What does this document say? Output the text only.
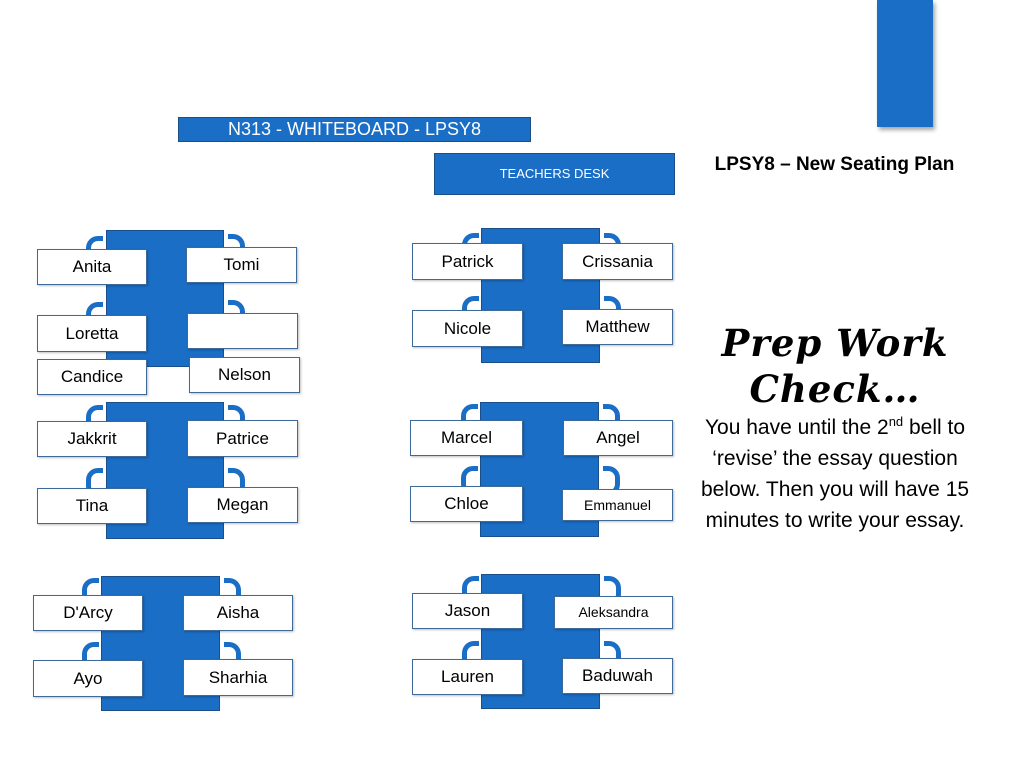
N313 - WHITEBOARD - LPSY8
TEACHERS DESK	LPSY8 – New Seating Plan
Prep Work
Check…
You have until the 2nd bell to ‘revise’ the essay question below. Then you will have 15 minutes to write your essay.
Anita	Tomi
Loretta
Candice	Nelson
Jakkrit	Patrice
Tina	Megan
D'Arcy	Aisha
Ayo	Sharhia
Patrick	Crissania
Nicole	Matthew
Marcel	Angel
Chloe	Emmanuel
Jason	Aleksandra
Lauren	Baduwah
